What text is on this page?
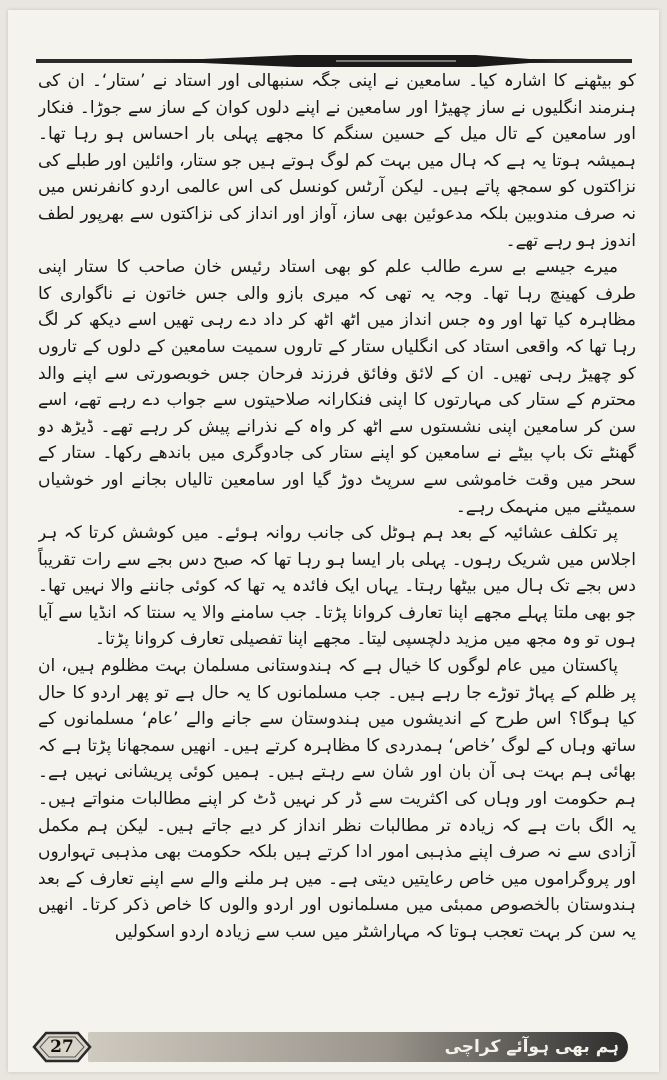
کو بیٹھنے کا اشارہ کیا۔ سامعین نے اپنی جگہ سنبھالی اور استاد نے ’ستار‘۔ ان کی ہنرمند انگلیوں نے ساز چھیڑا اور سامعین نے اپنے دلوں کوان کے ساز سے جوڑا۔ فنکار اور سامعین کے تال میل کے حسین سنگم کا مجھے پہلی بار احساس ہو رہا تھا۔ ہمیشہ ہوتا یہ ہے کہ ہال میں بہت کم لوگ ہوتے ہیں جو ستار، وائلین اور طبلے کی نزاکتوں کو سمجھ پاتے ہیں۔ لیکن آرٹس کونسل کی اس عالمی اردو کانفرنس میں نہ صرف مندوبین بلکہ مدعوئین بھی ساز، آواز اور انداز کی نزاکتوں سے بھرپور لطف اندوز ہو رہے تھے۔

میرے جیسے بے سرے طالب علم کو بھی استاد رئیس خان صاحب کا ستار اپنی طرف کھینچ رہا تھا۔ وجہ یہ تھی کہ میری بازو والی جس خاتون نے ناگواری کا مظاہرہ کیا تھا اور وہ جس انداز میں اٹھ اٹھ کر داد دے رہی تھیں اسے دیکھ کر لگ رہا تھا کہ واقعی استاد کی انگلیاں ستار کے تاروں سمیت سامعین کے دلوں کے تاروں کو چھیڑ رہی تھیں۔ ان کے لائق وفائق فرزند فرحان جس خوبصورتی سے اپنے والد محترم کے ستار کی مہارتوں کا اپنی فنکارانہ صلاحیتوں سے جواب دے رہے تھے، اسے سن کر سامعین اپنی نشستوں سے اٹھ کر واہ کے نذرانے پیش کر رہے تھے۔ ڈیڑھ دو گھنٹے تک باپ بیٹے نے سامعین کو اپنے ستار کی جادوگری میں باندھے رکھا۔ ستار کے سحر میں وقت خاموشی سے سرپٹ دوڑ گیا اور سامعین تالیاں بجانے اور خوشیاں سمیٹنے میں منہمک رہے۔

پر تکلف عشائیہ کے بعد ہم ہوٹل کی جانب روانہ ہوئے۔ میں کوشش کرتا کہ ہر اجلاس میں شریک رہوں۔ پہلی بار ایسا ہو رہا تھا کہ صبح دس بجے سے رات تقریباً دس بجے تک ہال میں بیٹھا رہتا۔ یہاں ایک فائدہ یہ تھا کہ کوئی جاننے والا نہیں تھا۔ جو بھی ملتا پہلے مجھے اپنا تعارف کروانا پڑتا۔ جب سامنے والا یہ سنتا کہ انڈیا سے آیا ہوں تو وہ مجھ میں مزید دلچسپی لیتا۔ مجھے اپنا تفصیلی تعارف کروانا پڑتا۔

پاکستان میں عام لوگوں کا خیال ہے کہ ہندوستانی مسلمان بہت مظلوم ہیں، ان پر ظلم کے پہاڑ توڑے جا رہے ہیں۔ جب مسلمانوں کا یہ حال ہے تو پھر اردو کا حال کیا ہوگا؟ اس طرح کے اندیشوں میں ہندوستان سے جانے والے ’عام‘ مسلمانوں کے ساتھ وہاں کے لوگ ’خاص‘ ہمدردی کا مظاہرہ کرتے ہیں۔ انھیں سمجھانا پڑتا ہے کہ بھائی ہم بہت ہی آن بان اور شان سے رہتے ہیں۔ ہمیں کوئی پریشانی نہیں ہے۔ ہم حکومت اور وہاں کی اکثریت سے ڈر کر نہیں ڈٹ کر اپنے مطالبات منواتے ہیں۔ یہ الگ بات ہے کہ زیادہ تر مطالبات نظر انداز کر دیے جاتے ہیں۔ لیکن ہم مکمل آزادی سے نہ صرف اپنے مذہبی امور ادا کرتے ہیں بلکہ حکومت بھی مذہبی تہواروں اور پروگراموں میں خاص رعایتیں دیتی ہے۔ میں ہر ملنے والے سے اپنے تعارف کے بعد ہندوستان بالخصوص ممبئی میں مسلمانوں اور اردو والوں کا خاص ذکر کرتا۔ انھیں یہ سن کر بہت تعجب ہوتا کہ مہاراشٹر میں سب سے زیادہ اردو اسکولیں

ہم بھی ہوآئے کراچی
27
